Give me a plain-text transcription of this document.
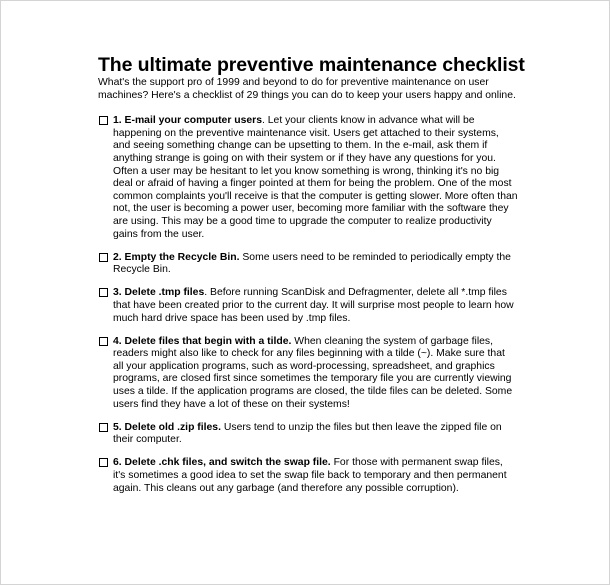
The ultimate preventive maintenance checklist

What's the support pro of 1999 and beyond to do for preventive maintenance on user machines? Here's a checklist of 29 things you can do to keep your users happy and online.

1. E-mail your computer users. Let your clients know in advance what will be happening on the preventive maintenance visit. Users get attached to their systems, and seeing something change can be upsetting to them. In the e-mail, ask them if anything strange is going on with their system or if they have any questions for you. Often a user may be hesitant to let you know something is wrong, thinking it's no big deal or afraid of having a finger pointed at them for being the problem. One of the most common complaints you'll receive is that the computer is getting slower. More often than not, the user is becoming a power user, becoming more familiar with the software they are using. This may be a good time to upgrade the computer to realize productivity gains from the user.
2. Empty the Recycle Bin. Some users need to be reminded to periodically empty the Recycle Bin.
3. Delete .tmp files. Before running ScanDisk and Defragmenter, delete all *.tmp files that have been created prior to the current day. It will surprise most people to learn how much hard drive space has been used by .tmp files.
4. Delete files that begin with a tilde. When cleaning the system of garbage files, readers might also like to check for any files beginning with a tilde (~). Make sure that all your application programs, such as word-processing, spreadsheet, and graphics programs, are closed first since sometimes the temporary file you are currently viewing uses a tilde. If the application programs are closed, the tilde files can be deleted. Some users find they have a lot of these on their systems!
5. Delete old .zip files. Users tend to unzip the files but then leave the zipped file on their computer.
6. Delete .chk files, and switch the swap file. For those with permanent swap files, it's sometimes a good idea to set the swap file back to temporary and then permanent again. This cleans out any garbage (and therefore any possible corruption).
